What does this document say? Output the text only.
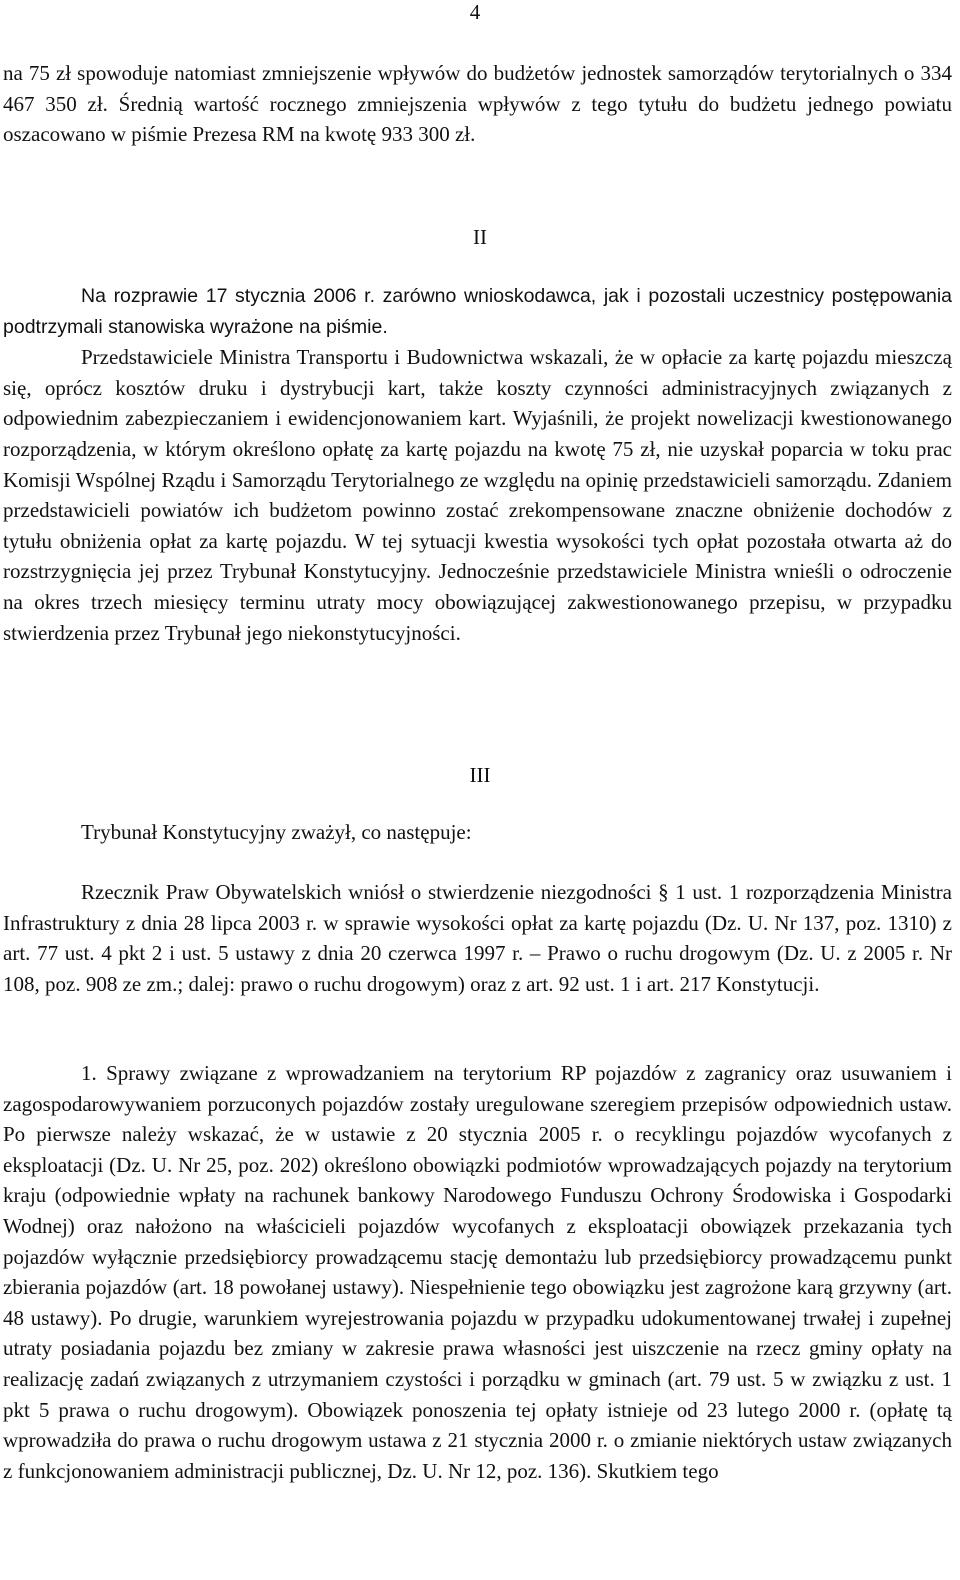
4

na 75 zł spowoduje natomiast zmniejszenie wpływów do budżetów jednostek samorządów terytorialnych o 334 467 350 zł. Średnią wartość rocznego zmniejszenia wpływów z tego tytułu do budżetu jednego powiatu oszacowano w piśmie Prezesa RM na kwotę 933 300 zł.

II

Na rozprawie 17 stycznia 2006 r. zarówno wnioskodawca, jak i pozostali uczestnicy postępowania podtrzymali stanowiska wyrażone na piśmie.

Przedstawiciele Ministra Transportu i Budownictwa wskazali, że w opłacie za kartę pojazdu mieszczą się, oprócz kosztów druku i dystrybucji kart, także koszty czynności administracyjnych związanych z odpowiednim zabezpieczaniem i ewidencjonowaniem kart. Wyjaśnili, że projekt nowelizacji kwestionowanego rozporządzenia, w którym określono opłatę za kartę pojazdu na kwotę 75 zł, nie uzyskał poparcia w toku prac Komisji Wspólnej Rządu i Samorządu Terytorialnego ze względu na opinię przedstawicieli samorządu. Zdaniem przedstawicieli powiatów ich budżetom powinno zostać zrekompensowane znaczne obniżenie dochodów z tytułu obniżenia opłat za kartę pojazdu. W tej sytuacji kwestia wysokości tych opłat pozostała otwarta aż do rozstrzygnięcia jej przez Trybunał Konstytucyjny. Jednocześnie przedstawiciele Ministra wnieśli o odroczenie na okres trzech miesięcy terminu utraty mocy obowiązującej zakwestionowanego przepisu, w przypadku stwierdzenia przez Trybunał jego niekonstytucyjności.

III

Trybunał Konstytucyjny zważył, co następuje:

Rzecznik Praw Obywatelskich wniósł o stwierdzenie niezgodności § 1 ust. 1 rozporządzenia Ministra Infrastruktury z dnia 28 lipca 2003 r. w sprawie wysokości opłat za kartę pojazdu (Dz. U. Nr 137, poz. 1310) z art. 77 ust. 4 pkt 2 i ust. 5 ustawy z dnia 20 czerwca 1997 r. – Prawo o ruchu drogowym (Dz. U. z 2005 r. Nr 108, poz. 908 ze zm.; dalej: prawo o ruchu drogowym) oraz z art. 92 ust. 1 i art. 217 Konstytucji.

1. Sprawy związane z wprowadzaniem na terytorium RP pojazdów z zagranicy oraz usuwaniem i zagospodarowywaniem porzuconych pojazdów zostały uregulowane szeregiem przepisów odpowiednich ustaw. Po pierwsze należy wskazać, że w ustawie z 20 stycznia 2005 r. o recyklingu pojazdów wycofanych z eksploatacji (Dz. U. Nr 25, poz. 202) określono obowiązki podmiotów wprowadzających pojazdy na terytorium kraju (odpowiednie wpłaty na rachunek bankowy Narodowego Funduszu Ochrony Środowiska i Gospodarki Wodnej) oraz nałożono na właścicieli pojazdów wycofanych z eksploatacji obowiązek przekazania tych pojazdów wyłącznie przedsiębiorcy prowadzącemu stację demontażu lub przedsiębiorcy prowadzącemu punkt zbierania pojazdów (art. 18 powołanej ustawy). Niespełnienie tego obowiązku jest zagrożone karą grzywny (art. 48 ustawy). Po drugie, warunkiem wyrejestrowania pojazdu w przypadku udokumentowanej trwałej i zupełnej utraty posiadania pojazdu bez zmiany w zakresie prawa własności jest uiszczenie na rzecz gminy opłaty na realizację zadań związanych z utrzymaniem czystości i porządku w gminach (art. 79 ust. 5 w związku z ust. 1 pkt 5 prawa o ruchu drogowym). Obowiązek ponoszenia tej opłaty istnieje od 23 lutego 2000 r. (opłatę tą wprowadziła do prawa o ruchu drogowym ustawa z 21 stycznia 2000 r. o zmianie niektórych ustaw związanych z funkcjonowaniem administracji publicznej, Dz. U. Nr 12, poz. 136). Skutkiem tego
